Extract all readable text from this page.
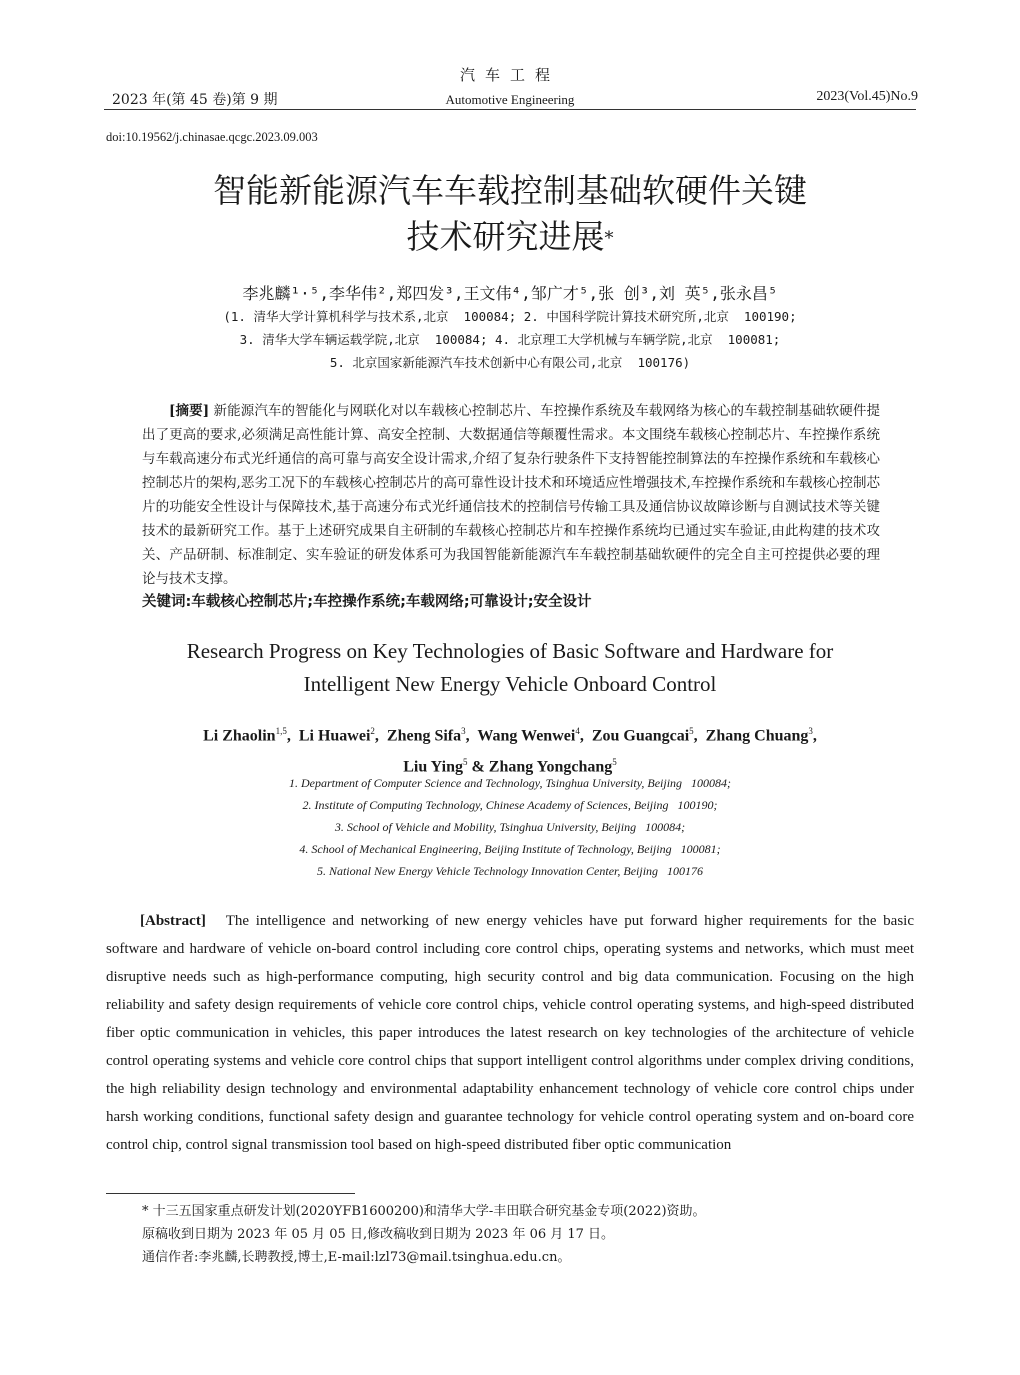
汽车工程
2023 年(第 45 卷)第 9 期	Automotive Engineering	2023(Vol.45)No.9
doi:10.19562/j.chinasae.qcgc.2023.09.003
智能新能源汽车车载控制基础软硬件关键
技术研究进展*
李兆麟¹·⁵,李华伟²,郑四发³,王文伟⁴,邹广才⁵,张 创³,刘 英⁵,张永昌⁵
(1. 清华大学计算机科学与技术系,北京  100084; 2. 中国科学院计算技术研究所,北京  100190;
3. 清华大学车辆运载学院,北京  100084; 4. 北京理工大学机械与车辆学院,北京  100081;
5. 北京国家新能源汽车技术创新中心有限公司,北京  100176)
[摘要] 新能源汽车的智能化与网联化对以车载核心控制芯片、车控操作系统及车载网络为核心的车载控制基础软硬件提出了更高的要求,必须满足高性能计算、高安全控制、大数据通信等颠覆性需求。本文围绕车载核心控制芯片、车控操作系统与车载高速分布式光纤通信的高可靠与高安全设计需求,介绍了复杂行驶条件下支持智能控制算法的车控操作系统和车载核心控制芯片的架构,恶劣工况下的车载核心控制芯片的高可靠性设计技术和环境适应性增强技术,车控操作系统和车载核心控制芯片的功能安全性设计与保障技术,基于高速分布式光纤通信技术的控制信号传输工具及通信协议故障诊断与自测试技术等关键技术的最新研究工作。基于上述研究成果自主研制的车载核心控制芯片和车控操作系统均已通过实车验证,由此构建的技术攻关、产品研制、标准制定、实车验证的研发体系可为我国智能新能源汽车车载控制基础软硬件的完全自主可控提供必要的理论与技术支撑。
关键词:车载核心控制芯片;车控操作系统;车载网络;可靠设计;安全设计
Research Progress on Key Technologies of Basic Software and Hardware for
Intelligent New Energy Vehicle Onboard Control
Li Zhaolin$^{1,5}$,  Li Huawei$^2$,  Zheng Sifa$^3$,  Wang Wenwei$^4$,  Zou Guangcai$^5$,  Zhang Chuang$^3$,
Liu Ying$^5$ & Zhang Yongchang$^5$
1. Department of Computer Science and Technology, Tsinghua University, Beijing   100084;
2. Institute of Computing Technology, Chinese Academy of Sciences, Beijing   100190;
3. School of Vehicle and Mobility, Tsinghua University, Beijing   100084;
4. School of Mechanical Engineering, Beijing Institute of Technology, Beijing   100081;
5. National New Energy Vehicle Technology Innovation Center, Beijing   100176
[Abstract] The intelligence and networking of new energy vehicles have put forward higher requirements for the basic software and hardware of vehicle on-board control including core control chips, operating systems and networks, which must meet disruptive needs such as high-performance computing, high security control and big data communication. Focusing on the high reliability and safety design requirements of vehicle core control chips, vehicle control operating systems, and high-speed distributed fiber optic communication in vehicles, this paper introduces the latest research on key technologies of the architecture of vehicle control operating systems and vehicle core control chips that support intelligent control algorithms under complex driving conditions, the high reliability design technology and environmental adaptability enhancement technology of vehicle core control chips under harsh working conditions, functional safety design and guarantee technology for vehicle control operating system and on-board core control chip, control signal transmission tool based on high-speed distributed fiber optic communication
* 十三五国家重点研发计划(2020YFB1600200)和清华大学-丰田联合研究基金专项(2022)资助。
原稿收到日期为 2023 年 05 月 05 日,修改稿收到日期为 2023 年 06 月 17 日。
通信作者:李兆麟,长聘教授,博士,E-mail:lzl73@mail.tsinghua.edu.cn。
